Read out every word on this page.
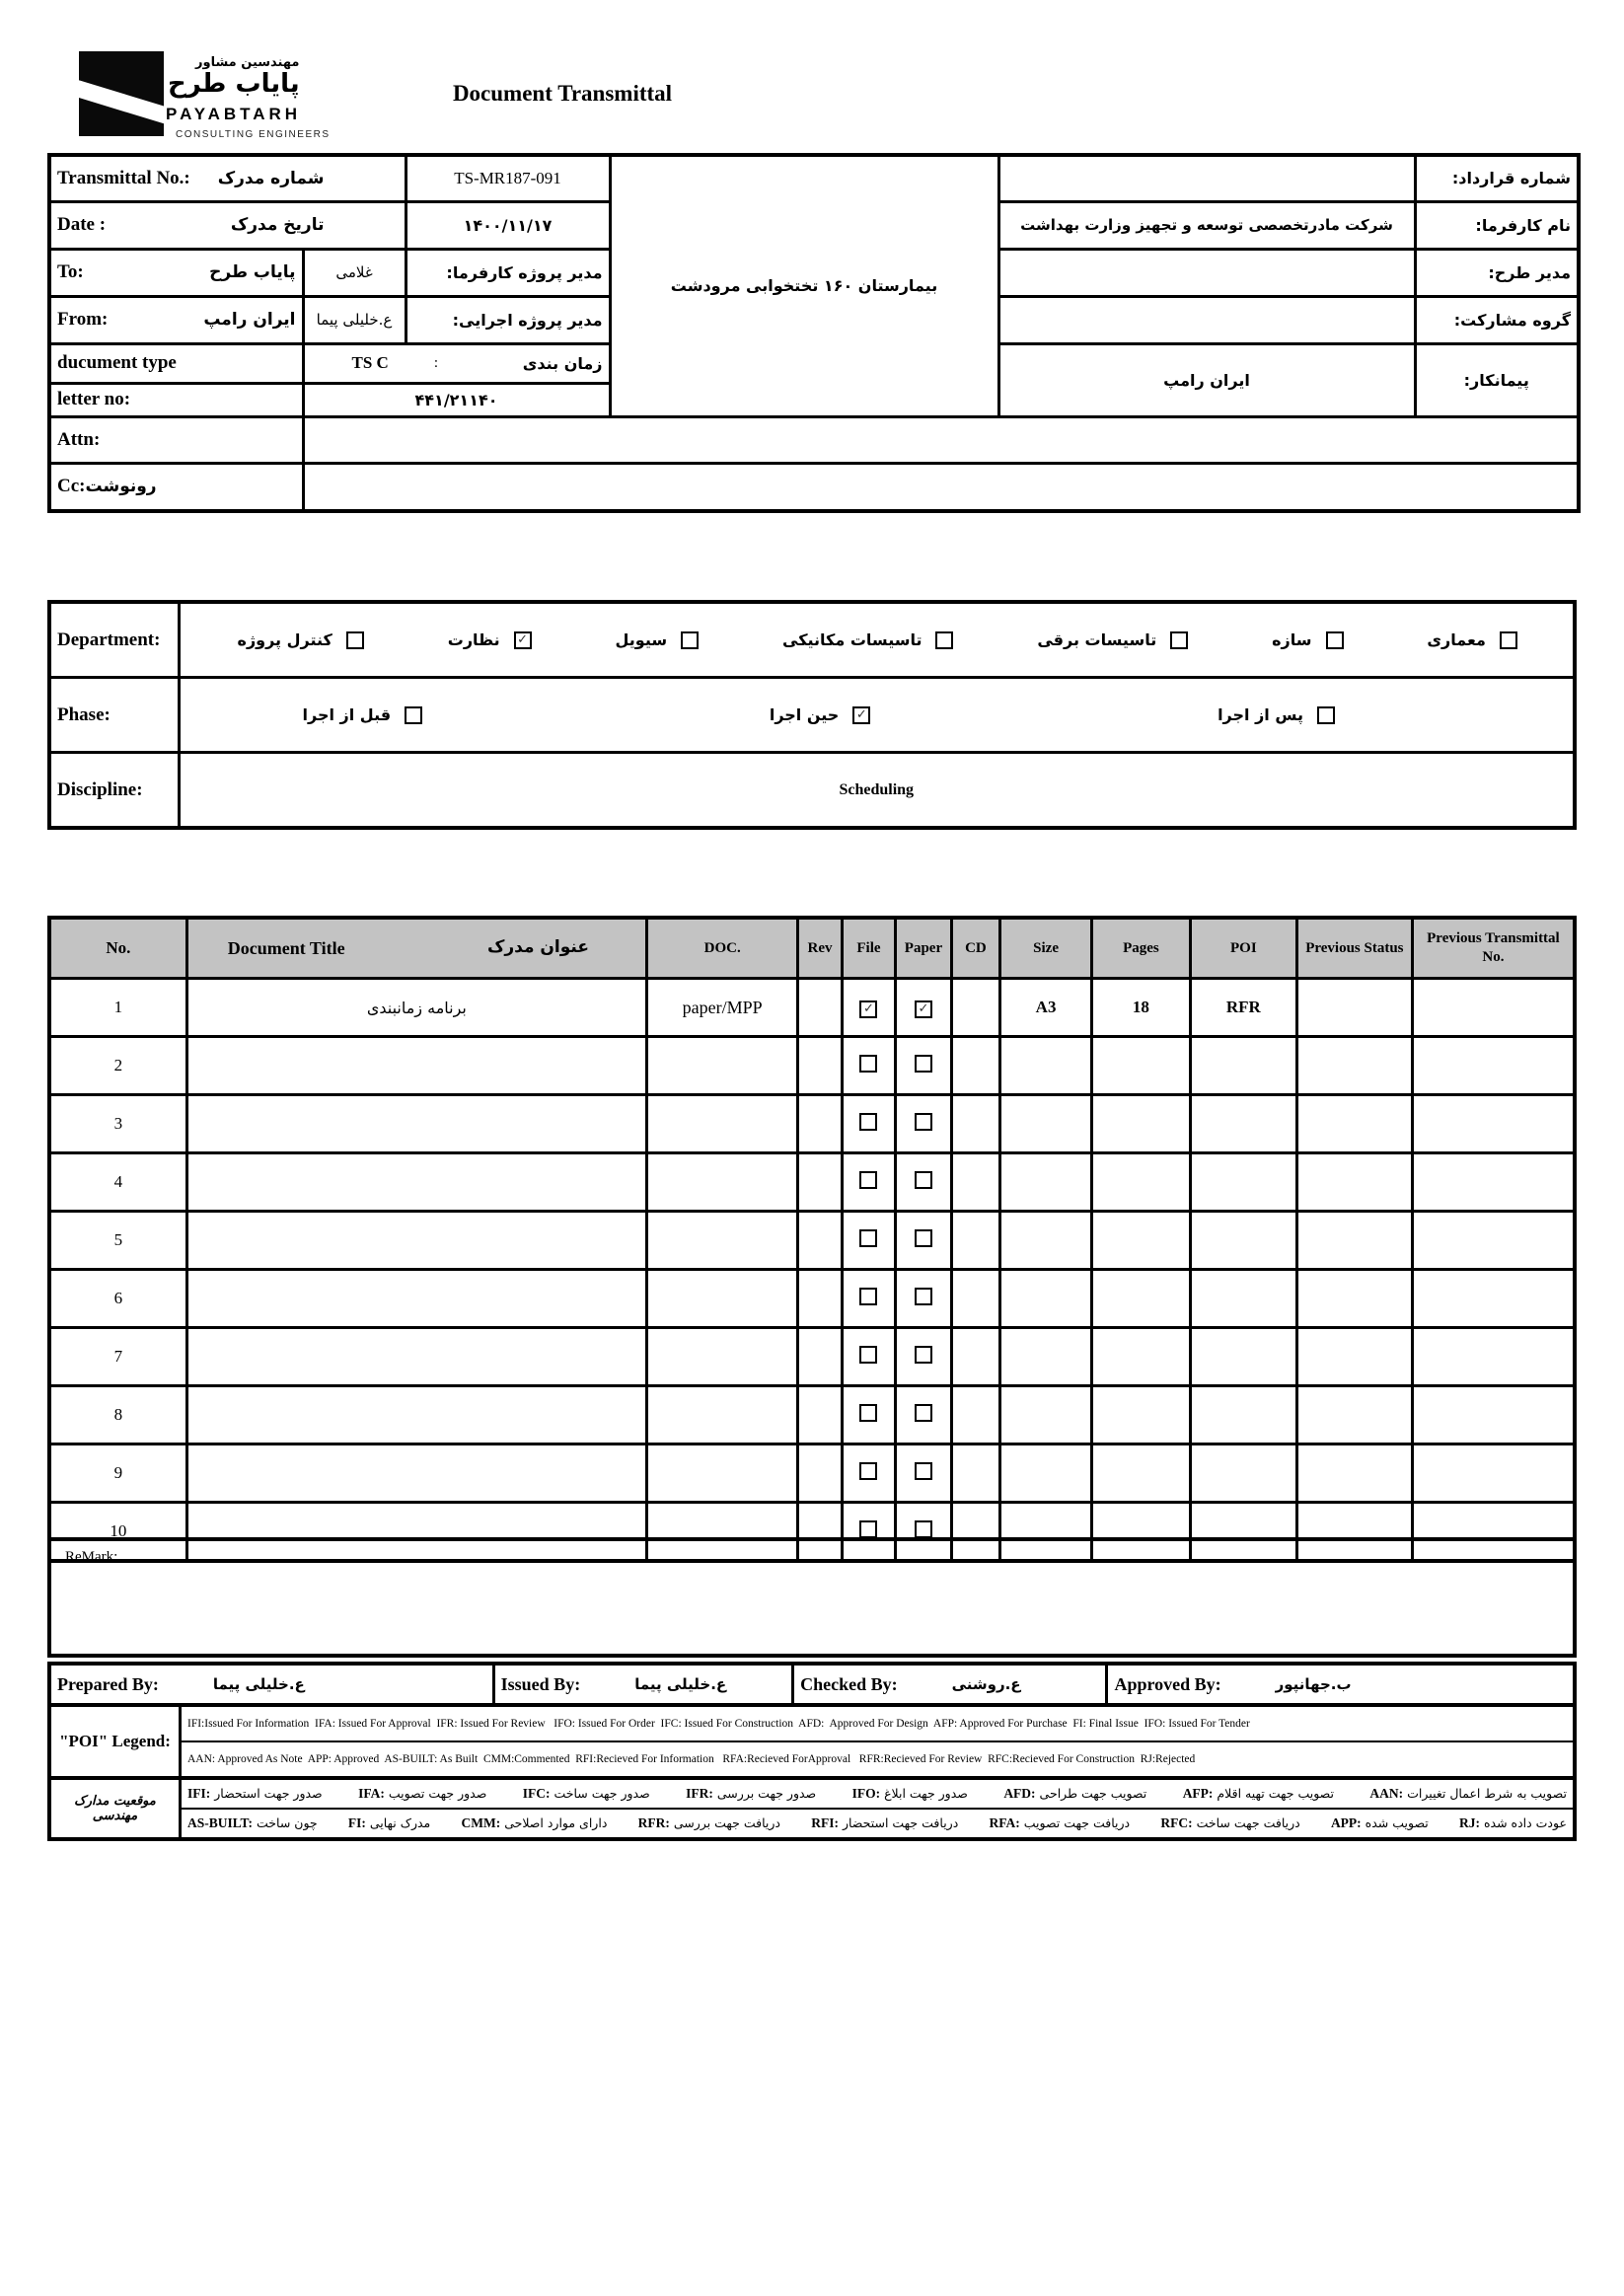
مهندسین مشاور
پایاب طرح
PAYABTARH
CONSULTING ENGINEERS
Document Transmittal
Transmittal No.: شماره مدرک		TS-MR187-091	بیمارستان ۱۶۰ تختخوابی مرودشت		شماره قرارداد:

Date : تاریخ مدرک		۱۴۰۰/۱۱/۱۷		شرکت مادرتخصصی توسعه و تجهیز وزارت بهداشت	نام کارفرما:

To: پایاب طرح	غلامی	مدیر پروژه کارفرما:			مدیر طرح:

From: ایران رامپ	ع.خلیلی پیما	مدیر پروژه اجرایی:			گروه مشارکت:
ducument type	TS C : زمان بندی			ایران رامپ	پیمانکار:
letter no:	۴۴۱/۲۱۱۴۰				
Attn:					
Cc:رونوشت					
Department:	کنترل پروژه	نظارت ✓	سیویل	تاسیسات مکانیکی	تاسیسات برقی	سازه	معماری

Phase:	قبل از اجرا حین اجرا ✓ پس از اجرا

Discipline:	Scheduling
No.	Document Title عنوان مدرک	DOC.	Rev	File	Paper	CD	Size	Pages	POI	Previous Status	Previous Transmittal No.
1	برنامه زمانبندی	paper/MPP		✓	✓		A3	18	RFR		
2											
3											
4											
5											
6											
7											
8											
9											
10											
ReMark:
Prepared By:	ع.خلیلی پیما	Issued By:	ع.خلیلی پیما	Checked By:	ع.روشنی	Approved By:	ب.جهانپور
"POI" Legend:
IFI:Issued For Information  IFA: Issued For Approval  IFR: Issued For Review   IFO: Issued For Order  IFC: Issued For Construction  AFD:  Approved For Design  AFP: Approved For Purchase  FI: Final Issue  IFO: Issued For Tender
AAN: Approved As Note  APP: Approved  AS-BUILT: As Built  CMM:Commented  RFI:Recieved For Information   RFA:Recieved ForApproval   RFR:Recieved For Review  RFC:Recieved For Construction  RJ:Rejected
موقعیت مدارک مهندسی
IFI: صدور جهت استحضار	IFA: صدور جهت تصویب	IFC: صدور جهت ساخت	IFR: صدور جهت بررسی	IFO: صدور جهت ابلاغ	AFD: تصویب جهت طراحی	AFP: تصویب جهت تهیه اقلام	AAN: تصویب به شرط اعمال تغییرات
AS-BUILT: چون ساخت FI: مدرک نهایی CMM: دارای موارد اصلاحی RFR: دریافت جهت بررسی RFI: دریافت جهت استحضار RFA: دریافت جهت تصویب RFC: دریافت جهت ساخت APP: تصویب شده RJ: عودت داده شده
